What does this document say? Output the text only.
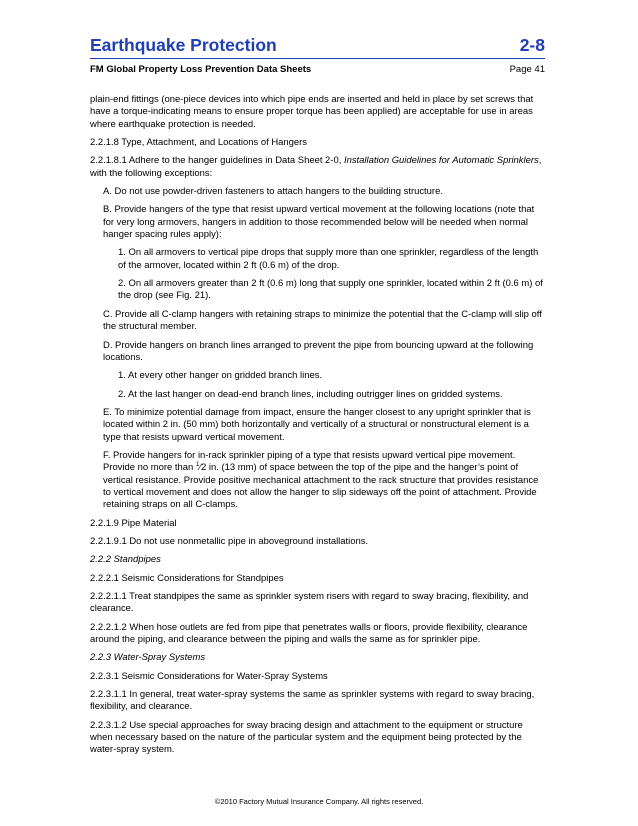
Earthquake Protection	2-8
FM Global Property Loss Prevention Data Sheets	Page 41

plain-end fittings (one-piece devices into which pipe ends are inserted and held in place by set screws that have a torque-indicating means to ensure proper torque has been applied) are acceptable for use in areas where earthquake protection is needed.

2.2.1.8 Type, Attachment, and Locations of Hangers

2.2.1.8.1 Adhere to the hanger guidelines in Data Sheet 2-0, Installation Guidelines for Automatic Sprinklers, with the following exceptions:

A. Do not use powder-driven fasteners to attach hangers to the building structure.

B. Provide hangers of the type that resist upward vertical movement at the following locations (note that for very long armovers, hangers in addition to those recommended below will be needed when normal hanger spacing rules apply):

1. On all armovers to vertical pipe drops that supply more than one sprinkler, regardless of the length of the armover, located within 2 ft (0.6 m) of the drop.

2. On all armovers greater than 2 ft (0.6 m) long that supply one sprinkler, located within 2 ft (0.6 m) of the drop (see Fig. 21).

C. Provide all C-clamp hangers with retaining straps to minimize the potential that the C-clamp will slip off the structural member.

D. Provide hangers on branch lines arranged to prevent the pipe from bouncing upward at the following locations.

1. At every other hanger on gridded branch lines.

2. At the last hanger on dead-end branch lines, including outrigger lines on gridded systems.

E. To minimize potential damage from impact, ensure the hanger closest to any upright sprinkler that is located within 2 in. (50 mm) both horizontally and vertically of a structural or nonstructural element is a type that resists upward vertical movement.

F. Provide hangers for in-rack sprinkler piping of a type that resists upward vertical pipe movement. Provide no more than $^1$⁄2 in. (13 mm) of space between the top of the pipe and the hanger’s point of vertical resistance. Provide positive mechanical attachment to the rack structure that provides resistance to vertical movement and does not allow the hanger to slip sideways off the point of attachment. Provide retaining straps on all C-clamps.

2.2.1.9 Pipe Material

2.2.1.9.1 Do not use nonmetallic pipe in aboveground installations.

2.2.2 Standpipes

2.2.2.1 Seismic Considerations for Standpipes

2.2.2.1.1 Treat standpipes the same as sprinkler system risers with regard to sway bracing, flexibility, and clearance.

2.2.2.1.2 When hose outlets are fed from pipe that penetrates walls or floors, provide flexibility, clearance around the piping, and clearance between the piping and walls the same as for sprinkler pipe.

2.2.3 Water-Spray Systems

2.2.3.1 Seismic Considerations for Water-Spray Systems

2.2.3.1.1 In general, treat water-spray systems the same as sprinkler systems with regard to sway bracing, flexibility, and clearance.

2.2.3.1.2 Use special approaches for sway bracing design and attachment to the equipment or structure when necessary based on the nature of the particular system and the equipment being protected by the water-spray system.

©2010 Factory Mutual Insurance Company. All rights reserved.
